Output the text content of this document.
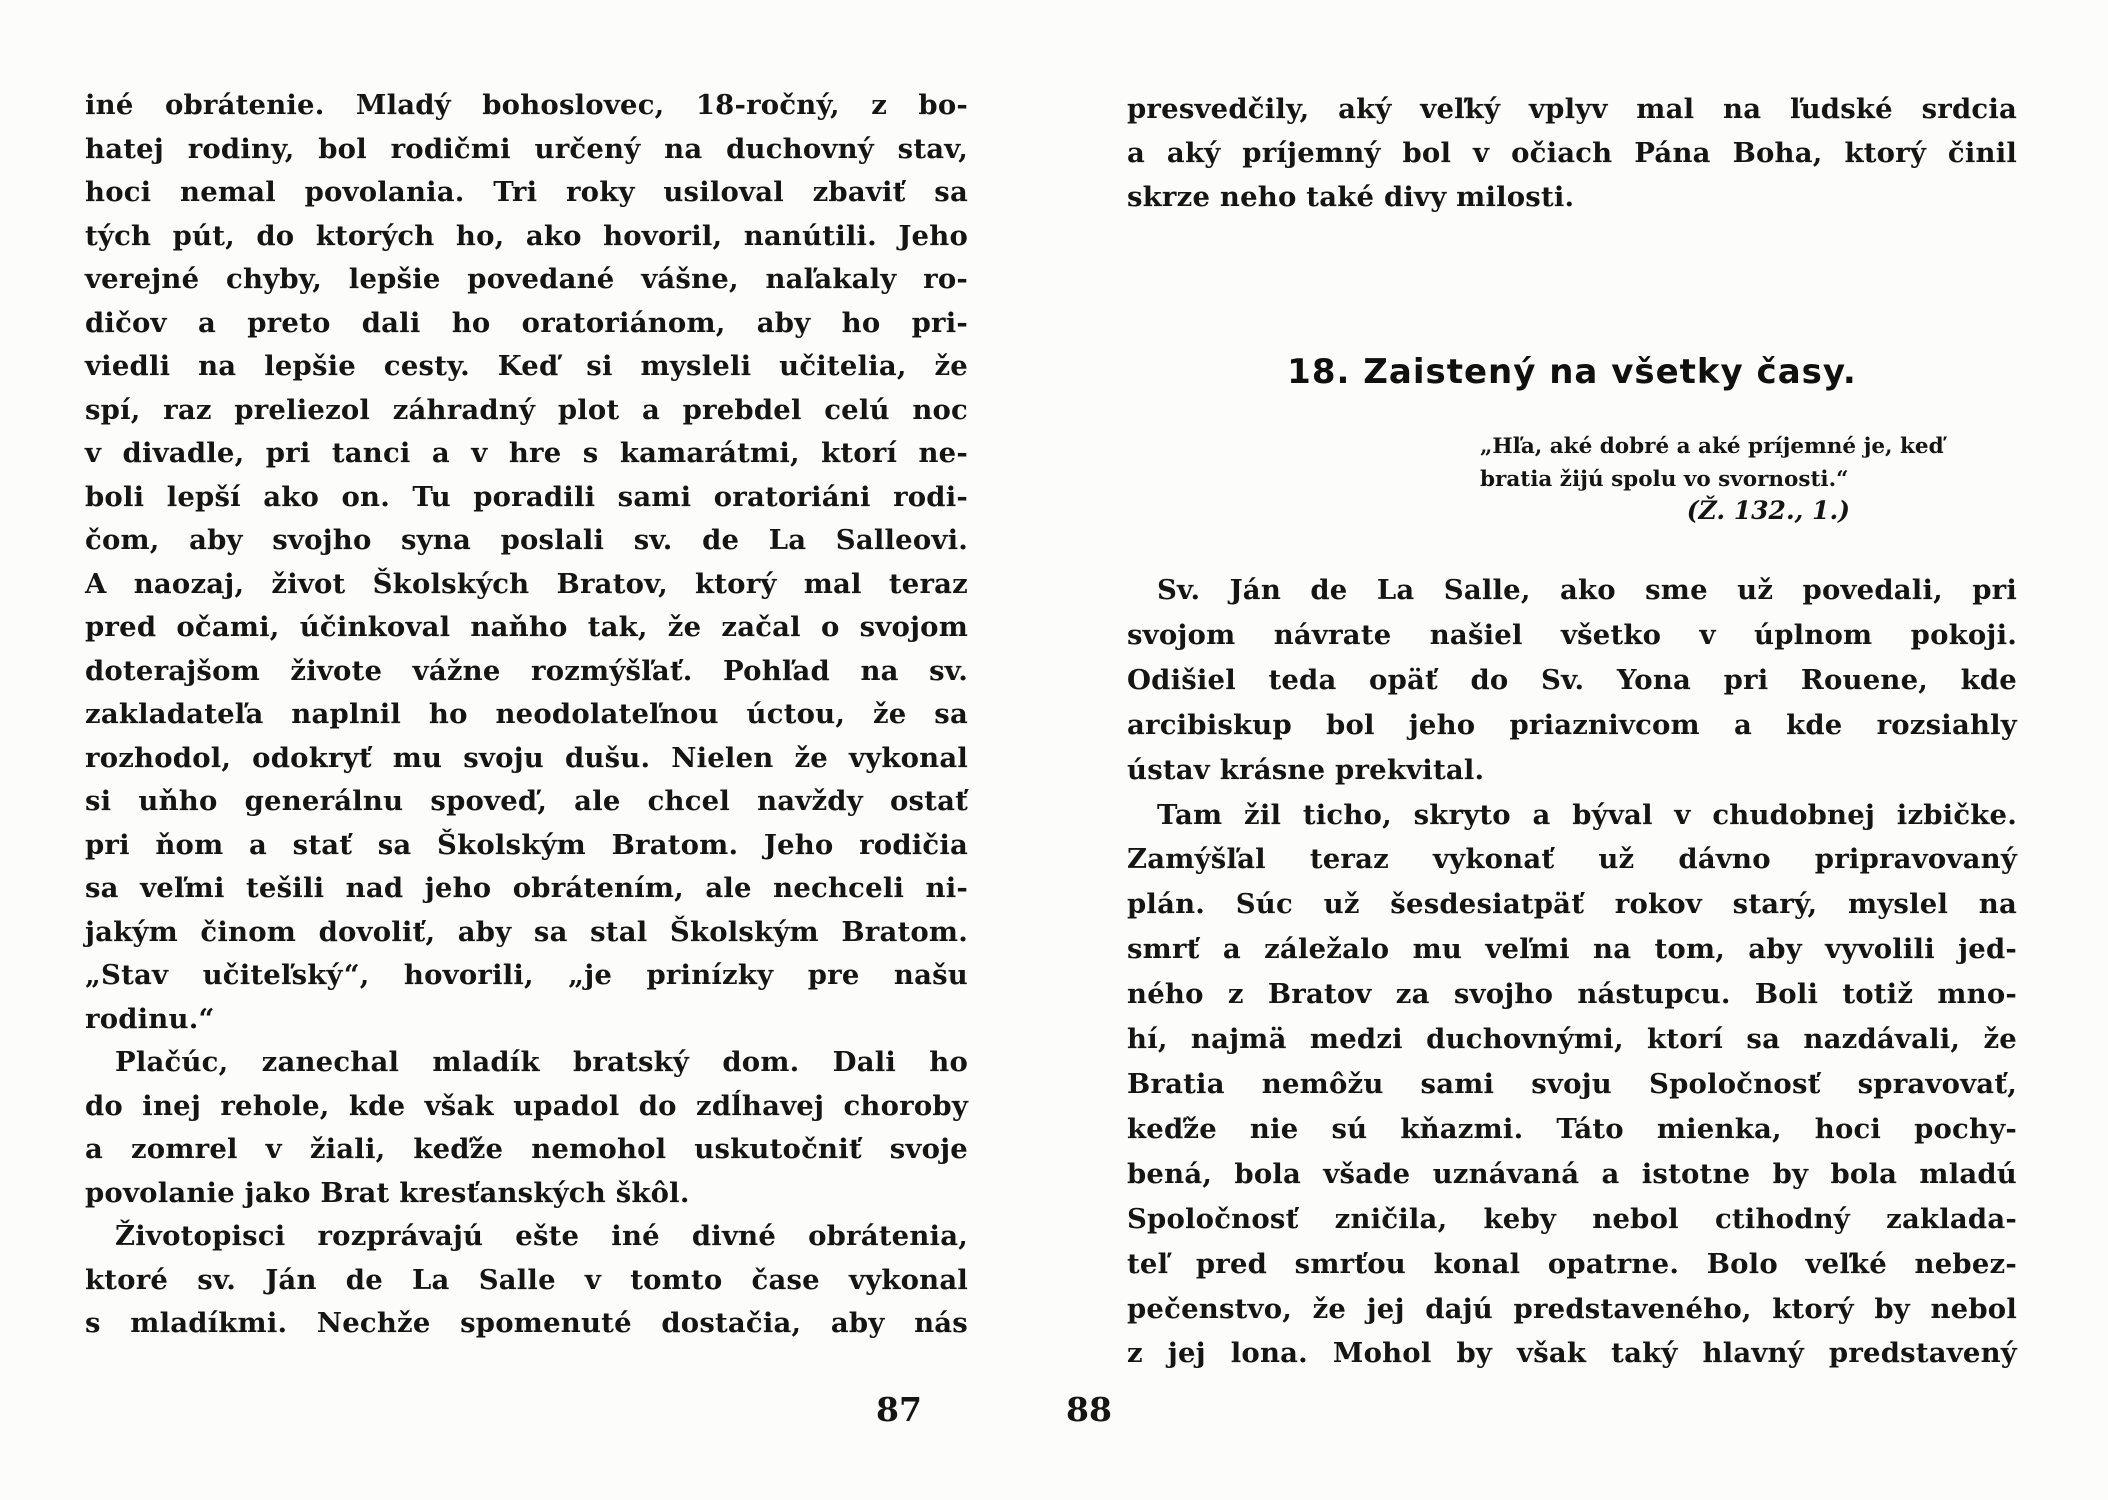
iné obrátenie. Mladý bohoslovec, 18-ročný, z bo-
hatej rodiny, bol rodičmi určený na duchovný stav,
hoci nemal povolania. Tri roky usiloval zbaviť sa
tých pút, do ktorých ho, ako hovoril, nanútili. Jeho
verejné chyby, lepšie povedané vášne, naľakaly ro-
dičov a preto dali ho oratoriánom, aby ho pri-
viedli na lepšie cesty. Keď si mysleli učitelia, že
spí, raz preliezol záhradný plot a prebdel celú noc
v divadle, pri tanci a v hre s kamarátmi, ktorí ne-
boli lepší ako on. Tu poradili sami oratoriáni rodi-
čom, aby svojho syna poslali sv. de La Salleovi.
A naozaj, život Školských Bratov, ktorý mal teraz
pred očami, účinkoval naňho tak, že začal o svojom
doterajšom živote vážne rozmýšľať. Pohľad na sv.
zakladateľa naplnil ho neodolateľnou úctou, že sa
rozhodol, odokryť mu svoju dušu. Nielen že vykonal
si uňho generálnu spoveď, ale chcel navždy ostať
pri ňom a stať sa Školským Bratom. Jeho rodičia
sa veľmi tešili nad jeho obrátením, ale nechceli ni-
jakým činom dovoliť, aby sa stal Školským Bratom.
„Stav učiteľský“, hovorili, „je prinízky pre našu
rodinu.“
Plačúc, zanechal mladík bratský dom. Dali ho
do inej rehole, kde však upadol do zdĺhavej choroby
a zomrel v žiali, keďže nemohol uskutočniť svoje
povolanie jako Brat kresťanských škôl.
Životopisci rozprávajú ešte iné divné obrátenia,
ktoré sv. Ján de La Salle v tomto čase vykonal
s mladíkmi. Nechže spomenuté dostačia, aby nás
87
presvedčily, aký veľký vplyv mal na ľudské srdcia
a aký príjemný bol v očiach Pána Boha, ktorý činil
skrze neho také divy milosti.
18. Zaistený na všetky časy.
„Hľa, aké dobré a aké príjemné je, keď
bratia žijú spolu vo svornosti.“
(Ž. 132., 1.)
Sv. Ján de La Salle, ako sme už povedali, pri
svojom návrate našiel všetko v úplnom pokoji.
Odišiel teda opäť do Sv. Yona pri Rouene, kde
arcibiskup bol jeho priaznivcom a kde rozsiahly
ústav krásne prekvital.
Tam žil ticho, skryto a býval v chudobnej izbičke.
Zamýšľal teraz vykonať už dávno pripravovaný
plán. Súc už šesdesiatpäť rokov starý, myslel na
smrť a záležalo mu veľmi na tom, aby vyvolili jed-
ného z Bratov za svojho nástupcu. Boli totiž mno-
hí, najmä medzi duchovnými, ktorí sa nazdávali, že
Bratia nemôžu sami svoju Spoločnosť spravovať,
keďže nie sú kňazmi. Táto mienka, hoci pochy-
bená, bola všade uznávaná a istotne by bola mladú
Spoločnosť zničila, keby nebol ctihodný zaklada-
teľ pred smrťou konal opatrne. Bolo veľké nebez-
pečenstvo, že jej dajú predstaveného, ktorý by nebol
z jej lona. Mohol by však taký hlavný predstavený
88
